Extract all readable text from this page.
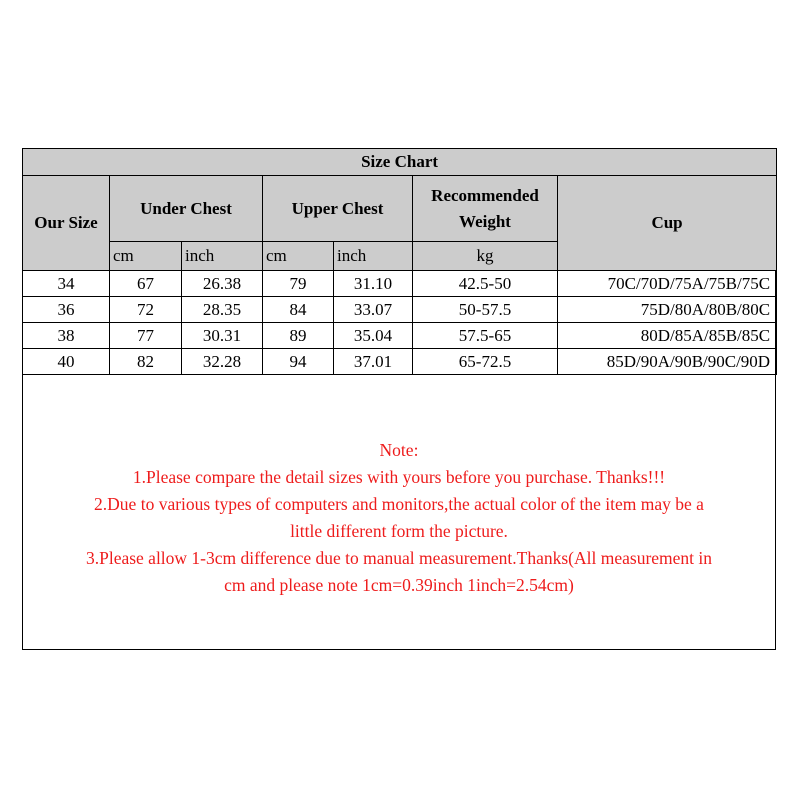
Size Chart						
Our Size	Under Chest		Upper Chest		Recommended
Weight	Cup
	cm	inch	cm	inch	kg	
34	67	26.38	79	31.10	42.5-50	70C/70D/75A/75B/75C
36	72	28.35	84	33.07	50-57.5	75D/80A/80B/80C
38	77	30.31	89	35.04	57.5-65	80D/85A/85B/85C
40	82	32.28	94	37.01	65-72.5	85D/90A/90B/90C/90D
Note:
1.Please compare the detail sizes with yours before you purchase. Thanks!!!
2.Due to various types of computers and monitors,the actual color of the item may be a
little different form the picture.
3.Please allow 1-3cm difference due to manual measurement.Thanks(All measurement in
cm and please note 1cm=0.39inch 1inch=2.54cm)
